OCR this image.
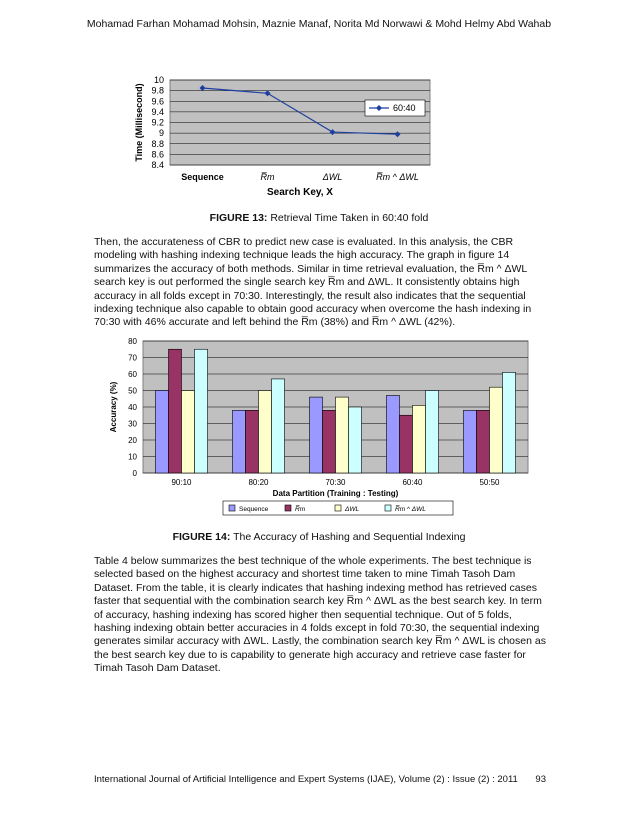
Mohamad Farhan Mohamad Mohsin, Maznie Manaf, Norita Md Norwawi & Mohd Helmy Abd Wahab
8.4
8.6
8.8
9
9.2
9.4
9.6
9.8
10
Time (Millisecond)
Sequence	R̅m	ΔWL	R̅m ^ ΔWL
Search Key, X
60:40
FIGURE 13: Retrieval Time Taken in 60:40 fold
Then, the accurateness of CBR to predict new case is evaluated. In this analysis, the CBR
modeling with hashing indexing technique leads the high accuracy. The graph in figure 14
summarizes the accuracy of both methods. Similar in time retrieval evaluation, the R̅m ^ ΔWL
search key is out performed the single search key R̅m and ΔWL. It consistently obtains high
accuracy in all folds except in 70:30. Interestingly, the result also indicates that the sequential
indexing technique also capable to obtain good accuracy when overcome the hash indexing in
70:30 with 46% accurate and left behind the R̅m (38%) and R̅m ^ ΔWL (42%).
0
10
20
30
40
50
60
70
80
Accuracy (%)
90:10	80:20	70:30	60:40	50:50
Data Partition (Training : Testing)
Sequence	R̅m	ΔWL	R̅m ^ ΔWL
FIGURE 14: The Accuracy of Hashing and Sequential Indexing
Table 4 below summarizes the best technique of the whole experiments. The best technique is
selected based on the highest accuracy and shortest time taken to mine Timah Tasoh Dam
Dataset. From the table, it is clearly indicates that hashing indexing method has retrieved cases
faster that sequential with the combination search key R̅m ^ ΔWL as the best search key. In term
of accuracy, hashing indexing has scored higher then sequential technique. Out of 5 folds,
hashing indexing obtain better accuracies in 4 folds except in fold 70:30, the sequential indexing
generates similar accuracy with ΔWL. Lastly, the combination search key R̅m ^ ΔWL is chosen as
the best search key due to is capability to generate high accuracy and retrieve case faster for
Timah Tasoh Dam Dataset.
International Journal of Artificial Intelligence and Expert Systems (IJAE), Volume (2) : Issue (2) : 2011 93
